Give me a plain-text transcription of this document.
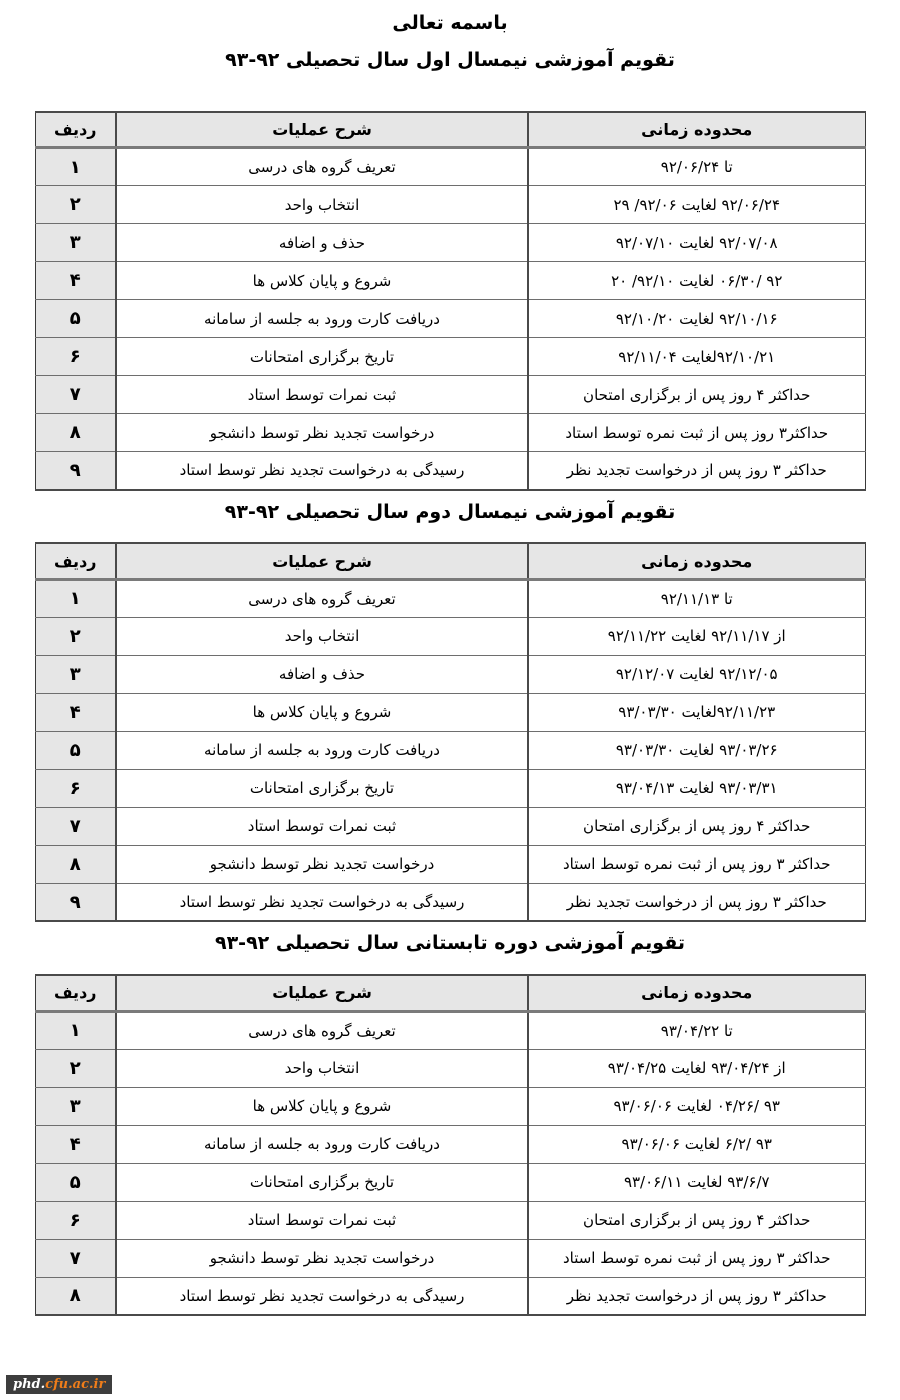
باسمه تعالی
تقویم آموزشی نیمسال اول سال تحصیلی ۹۲-۹۳
محدوده زمانی	شرح عملیات	ردیف
تا ۹۲/۰۶/۲۴	تعریف گروه های درسی	۱
۹۲/۰۶/۲۴ لغایت ۹۲/۰۶/ ۲۹	انتخاب واحد	۲
۹۲/۰۷/۰۸ لغایت ۹۲/۰۷/۱۰	حذف و اضافه	۳
۹۲ /۰۶/۳۰ لغایت ۹۲/۱۰/ ۲۰	شروع و پایان کلاس ها	۴
۹۲/۱۰/۱۶ لغایت ۹۲/۱۰/۲۰	دریافت کارت ورود به جلسه از سامانه	۵
۹۲/۱۰/۲۱لغایت ۹۲/۱۱/۰۴	تاریخ برگزاری امتحانات	۶
حداکثر ۴ روز پس از برگزاری امتحان	ثبت نمرات توسط استاد	۷
حداکثر۳ روز پس از ثبت نمره توسط استاد	درخواست تجدید نظر توسط دانشجو	۸
حداکثر ۳ روز پس از درخواست تجدید نظر	رسیدگی به درخواست تجدید نظر توسط استاد	۹
تقویم آموزشی نیمسال دوم سال تحصیلی ۹۲-۹۳
محدوده زمانی	شرح عملیات	ردیف
تا ۹۲/۱۱/۱۳	تعریف گروه های درسی	۱
از ۹۲/۱۱/۱۷ لغایت ۹۲/۱۱/۲۲	انتخاب واحد	۲
۹۲/۱۲/۰۵ لغایت ۹۲/۱۲/۰۷	حذف و اضافه	۳
۹۲/۱۱/۲۳لغایت ۹۳/۰۳/۳۰	شروع و پایان کلاس ها	۴
۹۳/۰۳/۲۶ لغایت ۹۳/۰۳/۳۰	دریافت کارت ورود به جلسه از سامانه	۵
۹۳/۰۳/۳۱ لغایت ۹۳/۰۴/۱۳	تاریخ برگزاری امتحانات	۶
حداکثر ۴ روز پس از برگزاری امتحان	ثبت نمرات توسط استاد	۷
حداکثر ۳ روز پس از ثبت نمره توسط استاد	درخواست تجدید نظر توسط دانشجو	۸
حداکثر ۳ روز پس از درخواست تجدید نظر	رسیدگی به درخواست تجدید نظر توسط استاد	۹
تقویم آموزشی دوره تابستانی سال تحصیلی ۹۲-۹۳
محدوده زمانی	شرح عملیات	ردیف
تا ۹۳/۰۴/۲۲	تعریف گروه های درسی	۱
از ۹۳/۰۴/۲۴ لغایت ۹۳/۰۴/۲۵	انتخاب واحد	۲
۹۳ /۰۴/۲۶ لغایت ۹۳/۰۶/۰۶	شروع و پایان کلاس ها	۳
۹۳ /۶/۲ لغایت ۹۳/۰۶/۰۶	دریافت کارت ورود به جلسه از سامانه	۴
۹۳/۶/۷ لغایت ۹۳/۰۶/۱۱	تاریخ برگزاری امتحانات	۵
حداکثر ۴ روز پس از برگزاری امتحان	ثبت نمرات توسط استاد	۶
حداکثر ۳ روز پس از ثبت نمره توسط استاد	درخواست تجدید نظر توسط دانشجو	۷
حداکثر ۳ روز پس از درخواست تجدید نظر	رسیدگی به درخواست تجدید نظر توسط استاد	۸
phd.cfu.ac.ir
